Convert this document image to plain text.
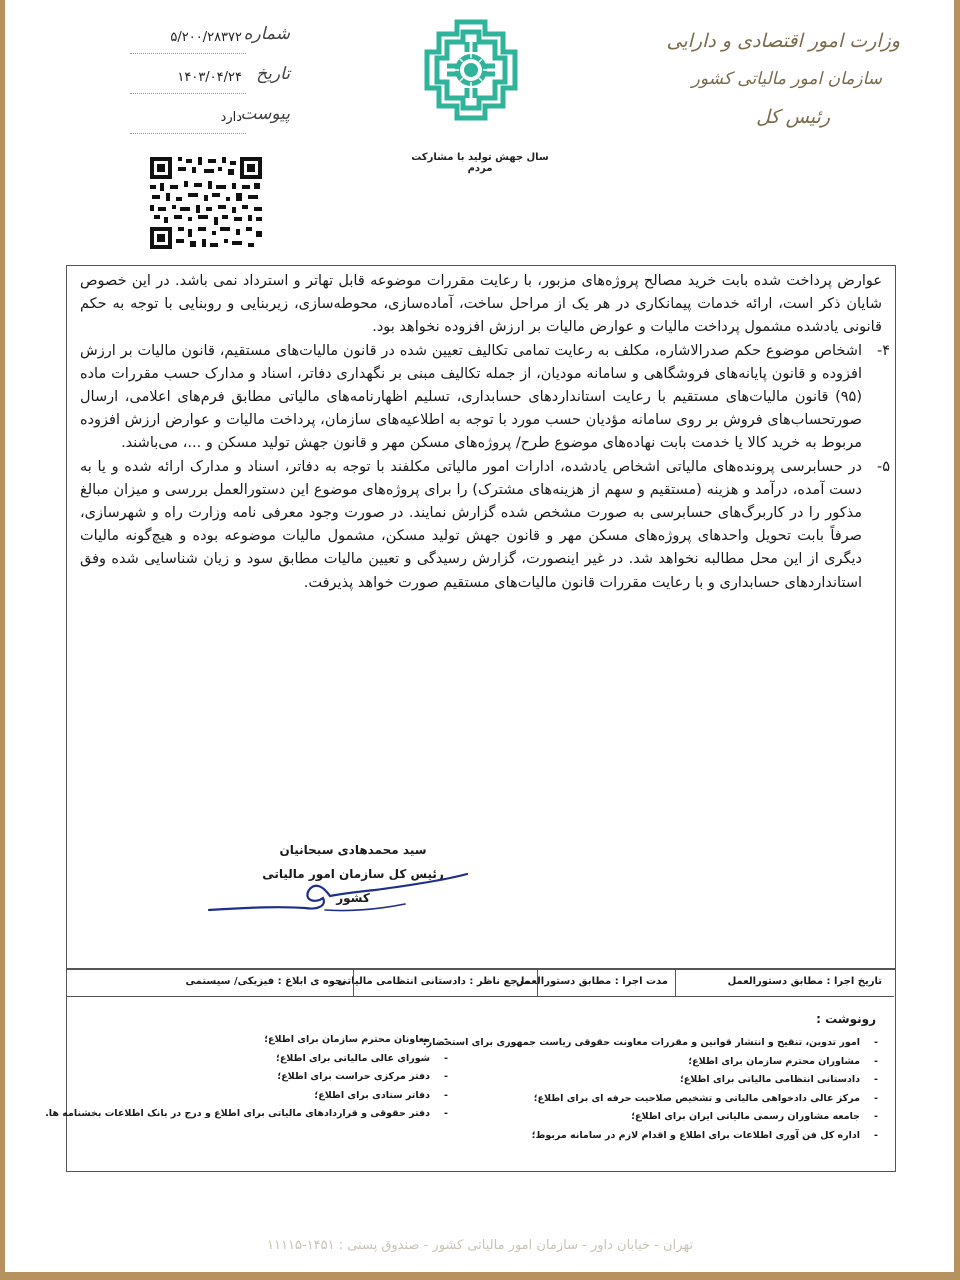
وزارت امور اقتصادی و دارایی
سازمان امور مالیاتی کشور
رئیس کل
شماره
۵/۲۰۰/۲۸۳۷۲
تاریخ
۱۴۰۳/۰۴/۲۴
پیوست
دارد
سال جهش تولید با مشارکت مردم

عوارض پرداخت شده بابت خرید مصالح پروژه‌های مزبور، با رعایت مقررات موضوعه قابل تهاتر و استرداد نمی باشد. در این خصوص شایان ذکر است، ارائه خدمات پیمانکاری در هر یک از مراحل ساخت، آماده‌سازی، محوطه‌سازی، زیربنایی و روبنایی با توجه به حکم قانونی یادشده مشمول پرداخت مالیات و عوارض مالیات بر ارزش افزوده نخواهد بود.

۴-

اشخاص موضوع حکم صدرالاشاره، مکلف به رعایت تمامی تکالیف تعیین شده در قانون مالیات‌های مستقیم، قانون مالیات بر ارزش افزوده و قانون پایانه‌های فروشگاهی و سامانه مودیان، از جمله تکالیف مبنی بر نگهداری دفاتر، اسناد و مدارک حسب مقررات ماده (۹۵) قانون مالیات‌های مستقیم با رعایت استانداردهای حسابداری، تسلیم اظهارنامه‌های مالیاتی مطابق فرم‌های اعلامی، ارسال صورتحساب‌های فروش بر روی سامانه مؤدیان حسب مورد با توجه به اطلاعیه‌های سازمان، پرداخت مالیات و عوارض ارزش افزوده مربوط به خرید کالا یا خدمت بابت نهاده‌های موضوع طرح/ پروژه‌های مسکن مهر و قانون جهش تولید مسکن و ...، می‌باشند.

۵-

در حسابرسی پرونده‌های مالیاتی اشخاص یادشده، ادارات امور مالیاتی مکلفند با توجه به دفاتر، اسناد و مدارک ارائه شده و یا به دست آمده، درآمد و هزینه (مستقیم و سهم از هزینه‌های مشترک) را برای پروژه‌های موضوع این دستورالعمل بررسی و میزان مبالغ مذکور را در کاربرگ‌های حسابرسی به صورت مشخص شده گزارش نمایند. در صورت وجود معرفی نامه وزارت راه و شهرسازی، صرفاً بابت تحویل واحدهای پروژه‌های مسکن مهر و قانون جهش تولید مسکن، مشمول مالیات موضوعه بوده و هیچ‌گونه مالیات دیگری از این محل مطالبه نخواهد شد. در غیر اینصورت، گزارش رسیدگی و تعیین مالیات مطابق سود و زیان شناسایی شده وفق استانداردهای حسابداری و با رعایت مقررات قانون مالیات‌های مستقیم صورت خواهد پذیرفت.

سید محمدهادی سبحانیان
رئیس کل سازمان امور مالیاتی کشور
تاریخ اجرا : مطابق دستورالعمل
مدت اجرا : مطابق دستورالعمل
مرجع ناظر : دادستانی انتظامی مالیاتی
نحوه ی ابلاغ : فیزیکی/ سیستمی
رونوشت :
- امور تدوین، تنقیح و انتشار قوانین و مقررات معاونت حقوقی ریاست جمهوری برای استحضار؛
- مشاوران محترم سازمان برای اطلاع؛
- دادستانی انتظامی مالیاتی برای اطلاع؛
- مرکز عالی دادخواهی مالیاتی و تشخیص صلاحیت حرفه ای برای اطلاع؛
- جامعه مشاوران رسمی مالیاتی ایران برای اطلاع؛
- اداره کل فن آوری اطلاعات برای اطلاع و اقدام لازم در سامانه مربوط؛
- معاونان محترم سازمان برای اطلاع؛
- شورای عالی مالیاتی برای اطلاع؛
- دفتر مرکزی حراست برای اطلاع؛
- دفاتر ستادی برای اطلاع؛
- دفتر حقوقی و قراردادهای مالیاتی برای اطلاع و درج در بانک اطلاعات بخشنامه ها.
تهران - خیابان داور - سازمان امور مالیاتی کشور - صندوق پستی : ۱۴۵۱-۱۱۱۱۵
